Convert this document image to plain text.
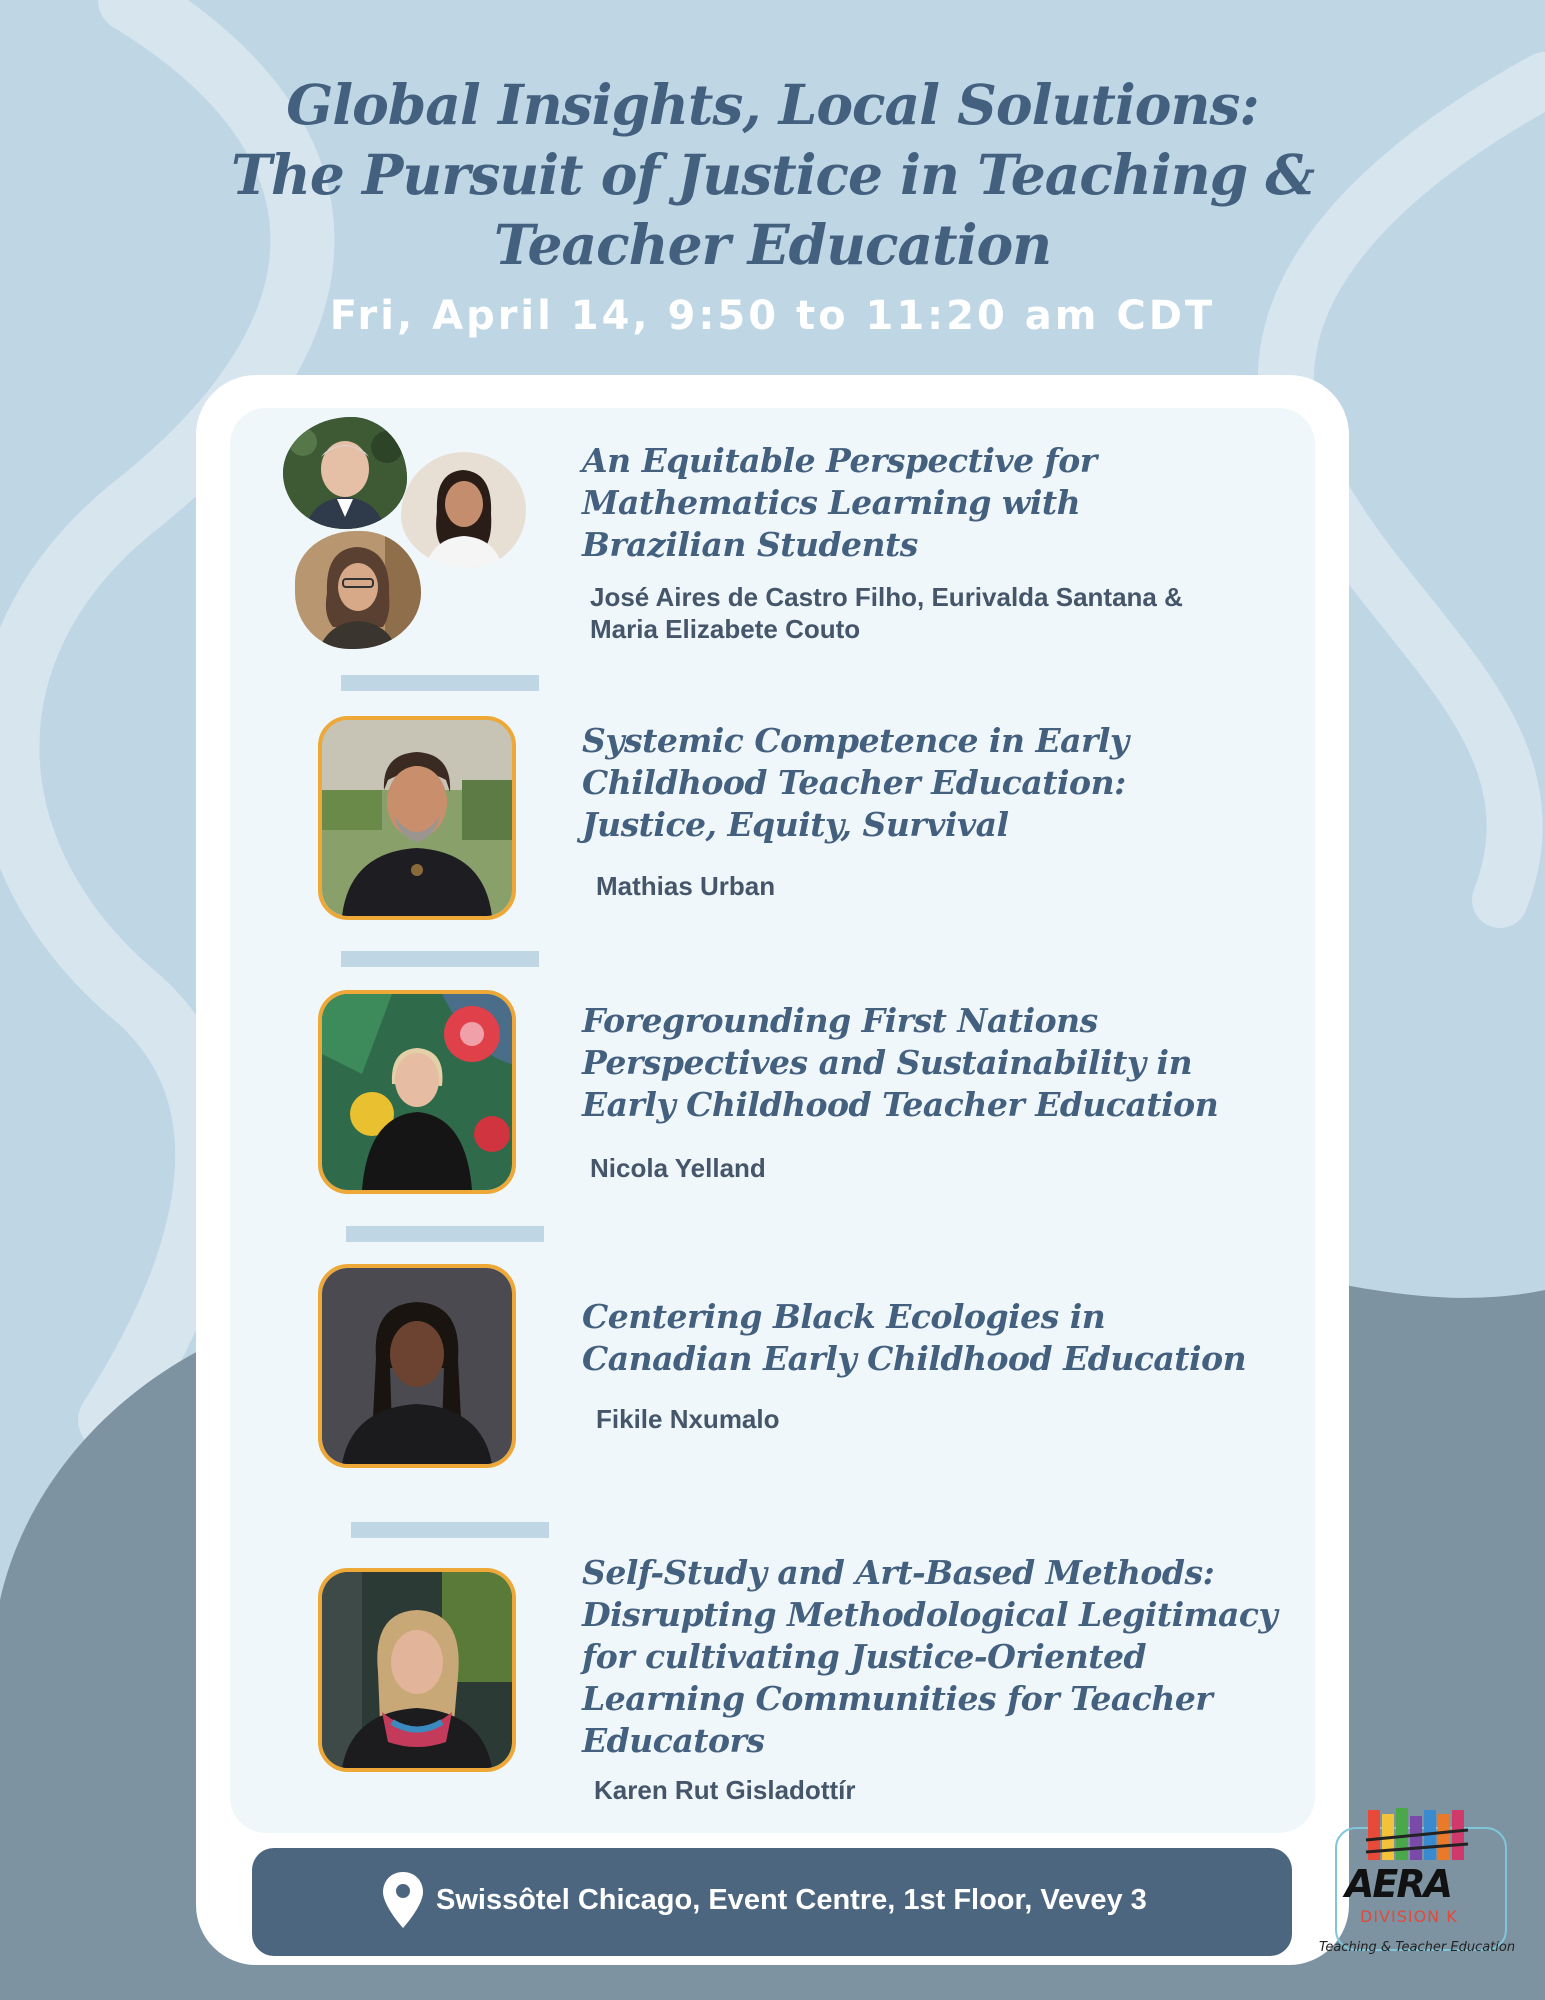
Global Insights, Local Solutions:
The Pursuit of Justice in Teaching &
Teacher Education
Fri, April 14, 9:50 to 11:20 am CDT
An Equitable Perspective for
Mathematics Learning with
Brazilian Students
José Aires de Castro Filho, Eurivalda Santana &
Maria Elizabete Couto
Systemic Competence in Early
Childhood Teacher Education:
Justice, Equity, Survival
Mathias Urban
Foregrounding First Nations
Perspectives and Sustainability in
Early Childhood Teacher Education
Nicola Yelland
Centering Black Ecologies in
Canadian Early Childhood Education
Fikile Nxumalo
Self-Study and Art-Based Methods:
Disrupting Methodological Legitimacy
for cultivating Justice-Oriented
Learning Communities for Teacher
Educators
Karen Rut Gisladottír
Swissôtel Chicago, Event Centre, 1st Floor, Vevey 3	AERA
DIVISION K
Teaching & Teacher Education
